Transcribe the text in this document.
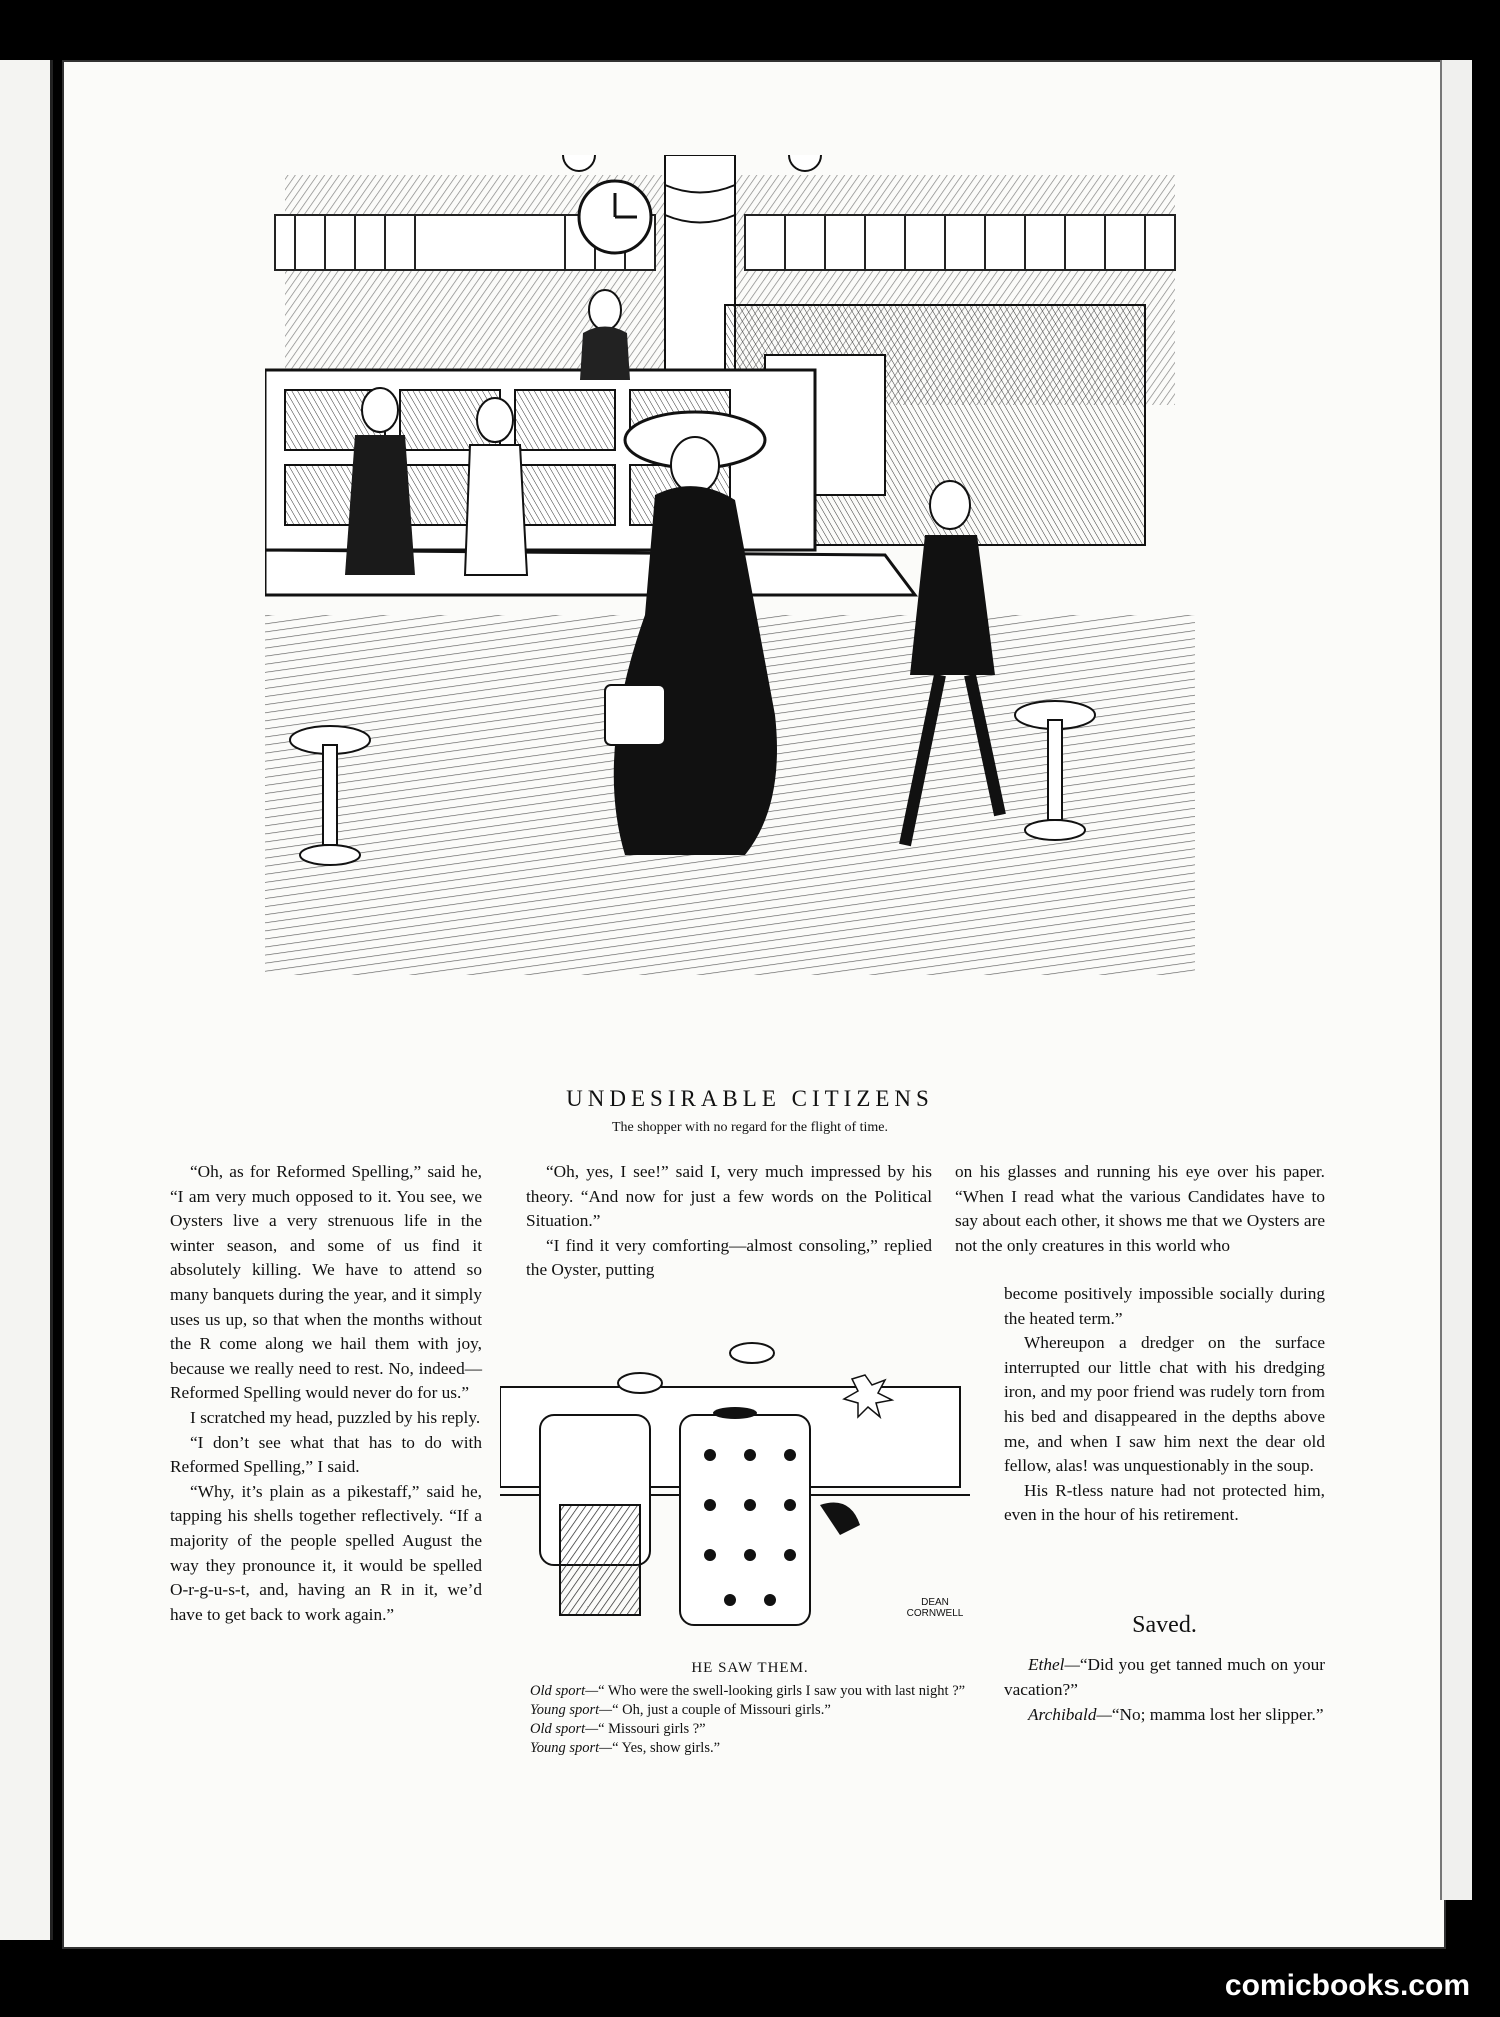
UNDESIRABLE CITIZENS
The shopper with no regard for the flight of time.

“Oh, as for Reformed Spelling,” said he, “I am very much opposed to it. You see, we Oysters live a very strenuous life in the winter season, and some of us find it absolutely killing. We have to attend so many banquets during the year, and it simply uses us up, so that when the months without the R come along we hail them with joy, because we really need to rest. No, indeed—Reformed Spelling would never do for us.”

I scratched my head, puzzled by his reply.

“I don’t see what that has to do with Reformed Spelling,” I said.

“Why, it’s plain as a pikestaff,” said he, tapping his shells together reflectively. “If a majority of the people spelled August the way they pronounce it, it would be spelled O-r-g-u-s-t, and, having an R in it, we’d have to get back to work again.”

“Oh, yes, I see!” said I, very much impressed by his theory. “And now for just a few words on the Political Situation.”

“I find it very comforting—almost consoling,” replied the Oyster, putting

on his glasses and running his eye over his paper. “When I read what the various Candidates have to say about each other, it shows me that we Oysters are not the only creatures in this world who

become positively impossible socially during the heated term.”

Whereupon a dredger on the surface interrupted our little chat with his dredging iron, and my poor friend was rudely torn from his bed and disappeared in the depths above me, and when I saw him next the dear old fellow, alas! was unquestionably in the soup.

His R-tless nature had not protected him, even in the hour of his retirement.

DEAN CORNWELL
HE SAW THEM.

Old sport—“ Who were the swell-looking girls I saw you with last night ?”

Young sport—“ Oh, just a couple of Missouri girls.”

Old sport—“ Missouri girls ?”

Young sport—“ Yes, show girls.”

Saved.

Ethel—“Did you get tanned much on your vacation?”

Archibald—“No; mamma lost her slipper.”

comicbooks.com
